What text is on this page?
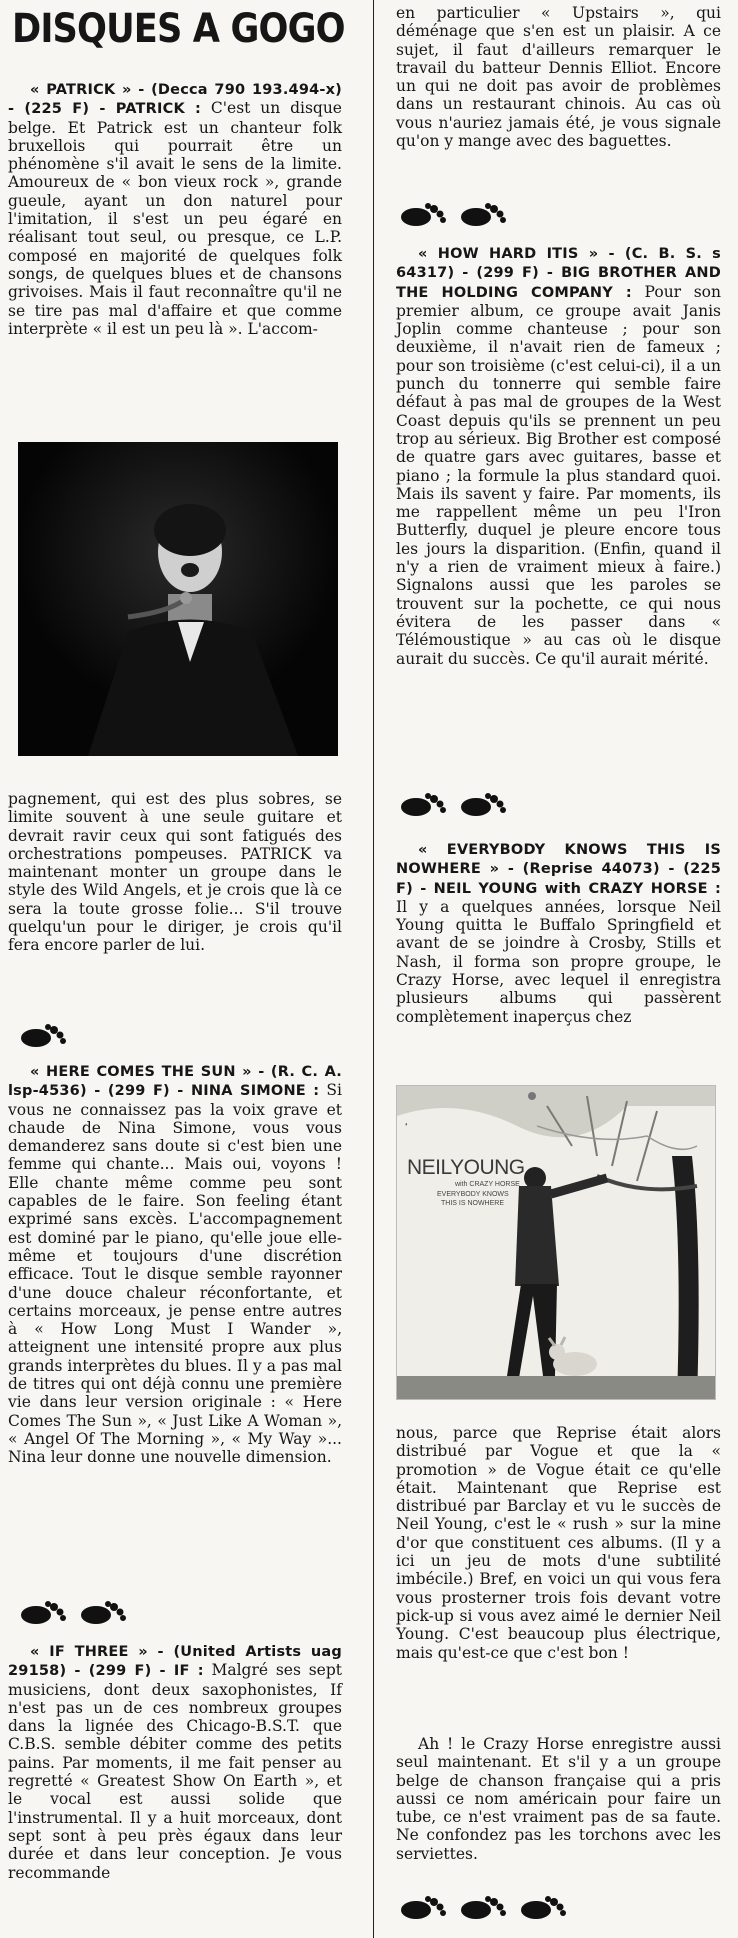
DISQUES A GOGO

« PATRICK » - (Decca 790 193.494-x) - (225 F) - PATRICK : C'est un disque belge. Et Patrick est un chanteur folk bruxellois qui pourrait être un phénomène s'il avait le sens de la limite. Amoureux de « bon vieux rock », grande gueule, ayant un don naturel pour l'imitation, il s'est un peu égaré en réalisant tout seul, ou presque, ce L.P. composé en majorité de quelques folk songs, de quelques blues et de chansons grivoises. Mais il faut reconnaître qu'il ne se tire pas mal d'affaire et que comme interprète « il est un peu là ». L'accom-

pagnement, qui est des plus sobres, se limite souvent à une seule guitare et devrait ravir ceux qui sont fatigués des orchestrations pompeuses. PATRICK va maintenant monter un groupe dans le style des Wild Angels, et je crois que là ce sera la toute grosse folie... S'il trouve quelqu'un pour le diriger, je crois qu'il fera encore parler de lui.

« HERE COMES THE SUN » - (R. C. A. lsp-4536) - (299 F) - NINA SIMONE : Si vous ne connaissez pas la voix grave et chaude de Nina Simone, vous vous demanderez sans doute si c'est bien une femme qui chante... Mais oui, voyons ! Elle chante même comme peu sont capables de le faire. Son feeling étant exprimé sans excès. L'accompagnement est dominé par le piano, qu'elle joue elle-même et toujours d'une discrétion efficace. Tout le disque semble rayonner d'une douce chaleur réconfortante, et certains morceaux, je pense entre autres à « How Long Must I Wander », atteignent une intensité propre aux plus grands interprètes du blues. Il y a pas mal de titres qui ont déjà connu une première vie dans leur version originale : « Here Comes The Sun », « Just Like A Woman », « Angel Of The Morning », « My Way »... Nina leur donne une nouvelle dimension.

« IF THREE » - (United Artists uag 29158) - (299 F) - IF : Malgré ses sept musiciens, dont deux saxophonistes, If n'est pas un de ces nombreux groupes dans la lignée des Chicago-B.S.T. que C.B.S. semble débiter comme des petits pains. Par moments, il me fait penser au regretté « Greatest Show On Earth », et le vocal est aussi solide que l'instrumental. Il y a huit morceaux, dont sept sont à peu près égaux dans leur durée et dans leur conception. Je vous recommande

en particulier « Upstairs », qui déménage que s'en est un plaisir. A ce sujet, il faut d'ailleurs remarquer le travail du batteur Dennis Elliot. Encore un qui ne doit pas avoir de problèmes dans un restaurant chinois. Au cas où vous n'auriez jamais été, je vous signale qu'on y mange avec des baguettes.

« HOW HARD ITIS » - (C. B. S. s 64317) - (299 F) - BIG BROTHER AND THE HOLDING COMPANY : Pour son premier album, ce groupe avait Janis Joplin comme chanteuse ; pour son deuxième, il n'avait rien de fameux ; pour son troisième (c'est celui-ci), il a un punch du tonnerre qui semble faire défaut à pas mal de groupes de la West Coast depuis qu'ils se prennent un peu trop au sérieux. Big Brother est composé de quatre gars avec guitares, basse et piano ; la formule la plus standard quoi. Mais ils savent y faire. Par moments, ils me rappellent même un peu l'Iron Butterfly, duquel je pleure encore tous les jours la disparition. (Enfin, quand il n'y a rien de vraiment mieux à faire.) Signalons aussi que les paroles se trouvent sur la pochette, ce qui nous évitera de les passer dans « Télémoustique » au cas où le disque aurait du succès. Ce qu'il aurait mérité.

« EVERYBODY KNOWS THIS IS NOWHERE » - (Reprise 44073) - (225 F) - NEIL YOUNG with CRAZY HORSE : Il y a quelques années, lorsque Neil Young quitta le Buffalo Springfield et avant de se joindre à Crosby, Stills et Nash, il forma son propre groupe, le Crazy Horse, avec lequel il enregistra plusieurs albums qui passèrent complètement inaperçus chez

◐
NEILYOUNG
with CRAZY HORSE
EVERYBODY KNOWS
THIS IS NOWHERE

nous, parce que Reprise était alors distribué par Vogue et que la « promotion » de Vogue était ce qu'elle était. Maintenant que Reprise est distribué par Barclay et vu le succès de Neil Young, c'est le « rush » sur la mine d'or que constituent ces albums. (Il y a ici un jeu de mots d'une subtilité imbécile.) Bref, en voici un qui vous fera vous prosterner trois fois devant votre pick-up si vous avez aimé le dernier Neil Young. C'est beaucoup plus électrique, mais qu'est-ce que c'est bon !

Ah ! le Crazy Horse enregistre aussi seul maintenant. Et s'il y a un groupe belge de chanson française qui a pris aussi ce nom américain pour faire un tube, ce n'est vraiment pas de sa faute. Ne confondez pas les torchons avec les serviettes.
